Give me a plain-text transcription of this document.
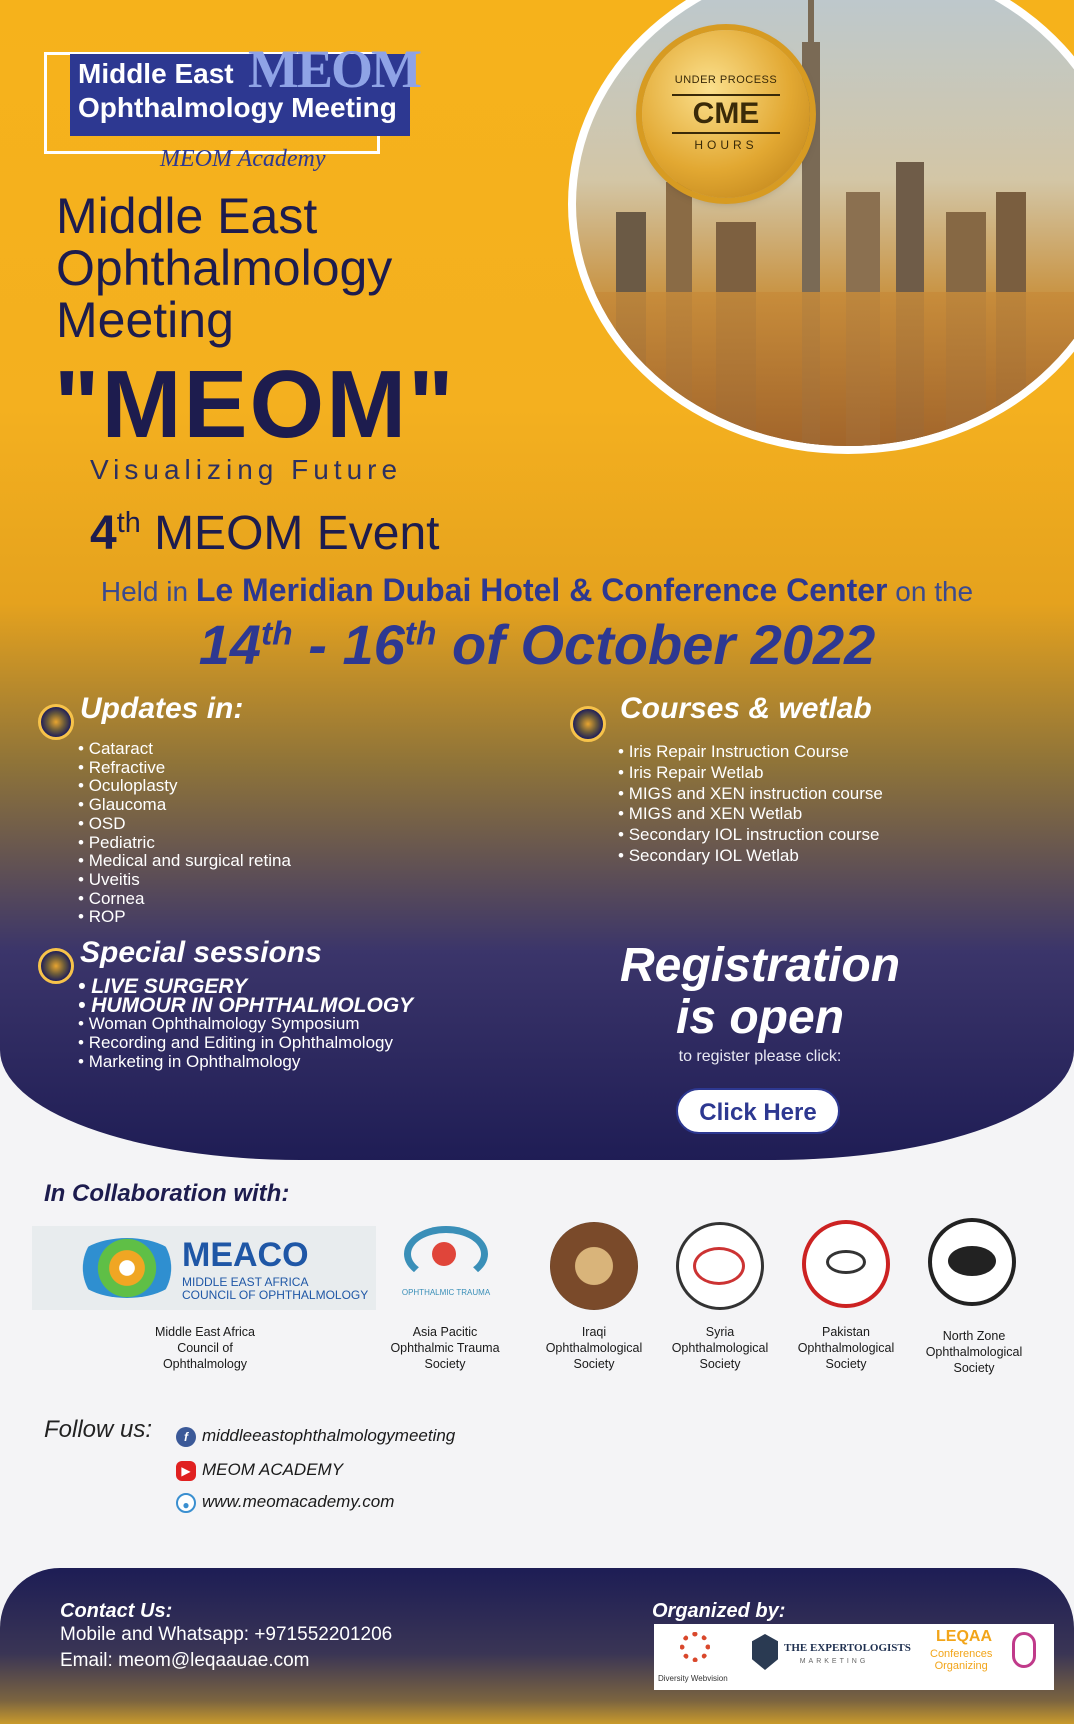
UNDER PROCESS
CME
HOURS
MEOM
Middle East
Ophthalmology Meeting
MEOM Academy
Middle East
Ophthalmology
Meeting
"MEOM"
Visualizing Future
4th MEOM Event
Held in Le Meridian Dubai Hotel & Conference Center on the
14th - 16th of October 2022
Updates in:
• Cataract
• Refractive
• Oculoplasty
• Glaucoma
• OSD
• Pediatric
• Medical and surgical retina
• Uveitis
• Cornea
• ROP
Courses & wetlab
• Iris Repair Instruction Course
• Iris Repair Wetlab
• MIGS and XEN instruction course
• MIGS and XEN Wetlab
• Secondary IOL instruction course
• Secondary IOL Wetlab
Special sessions
• LIVE SURGERY
• HUMOUR IN OPHTHALMOLOGY
• Woman Ophthalmology Symposium
• Recording and Editing in Ophthalmology
• Marketing in Ophthalmology
Registration
is open
to register please click:
Click Here
In Collaboration with:
MEACO
MIDDLE EAST AFRICA
COUNCIL OF OPHTHALMOLOGY
Middle East Africa
Council of
Ophthalmology
OPHTHALMIC TRAUMA
Asia Pacitic
Ophthalmic Trauma
Society
Iraqi
Ophthalmological
Society
Syria
Ophthalmological
Society
Pakistan
Ophthalmological
Society
North Zone
Ophthalmological
Society
Follow us:	f middleeastophthalmologymeeting
▶ MEOM ACADEMY
● www.meomacademy.com
Contact Us:
Mobile and Whatsapp: +971552201206
Email: meom@leqaauae.com
Organized by:
Diversity Webvision
THE EXPERTOLOGISTS
MARKETING
LEQAA
Conferences
Organizing
